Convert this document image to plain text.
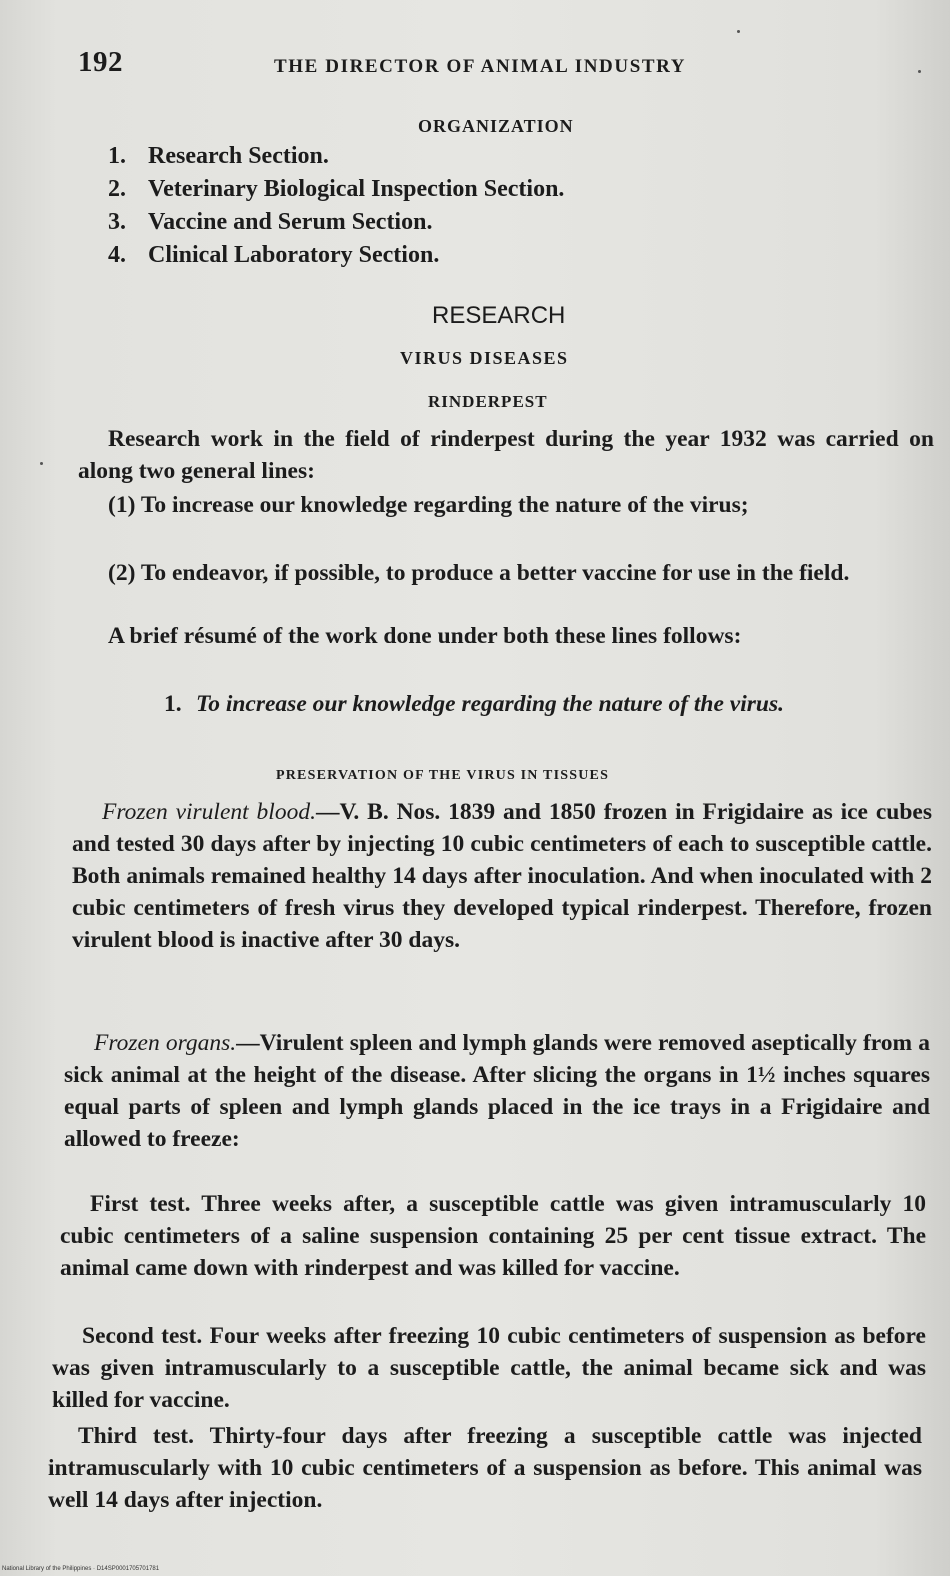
192	THE DIRECTOR OF ANIMAL INDUSTRY
ORGANIZATION
1. Research Section.
2. Veterinary Biological Inspection Section.
3. Vaccine and Serum Section.
4. Clinical Laboratory Section.
RESEARCH
VIRUS DISEASES
RINDERPEST
Research work in the field of rinderpest during the year 1932 was carried on along two general lines:
(1) To increase our knowledge regarding the nature of the virus;
(2) To endeavor, if possible, to produce a better vaccine for use in the field.
A brief résumé of the work done under both these lines follows:
1. To increase our knowledge regarding the nature of the virus.
PRESERVATION OF THE VIRUS IN TISSUES
Frozen virulent blood.—V. B. Nos. 1839 and 1850 frozen in Frigidaire as ice cubes and tested 30 days after by injecting 10 cubic centimeters of each to susceptible cattle. Both animals remained healthy 14 days after inoculation. And when inoculated with 2 cubic centimeters of fresh virus they developed typical rinderpest. Therefore, frozen virulent blood is inactive after 30 days.
Frozen organs.—Virulent spleen and lymph glands were removed aseptically from a sick animal at the height of the disease. After slicing the organs in 1½ inches squares equal parts of spleen and lymph glands placed in the ice trays in a Frigidaire and allowed to freeze:
First test. Three weeks after, a susceptible cattle was given intramuscularly 10 cubic centimeters of a saline suspension containing 25 per cent tissue extract. The animal came down with rinderpest and was killed for vaccine.
Second test. Four weeks after freezing 10 cubic centimeters of suspension as before was given intramuscularly to a susceptible cattle, the animal became sick and was killed for vaccine.
Third test. Thirty-four days after freezing a susceptible cattle was injected intramuscularly with 10 cubic centimeters of a suspension as before. This animal was well 14 days after injection.
National Library of the Philippines · D14SP0001705701781
